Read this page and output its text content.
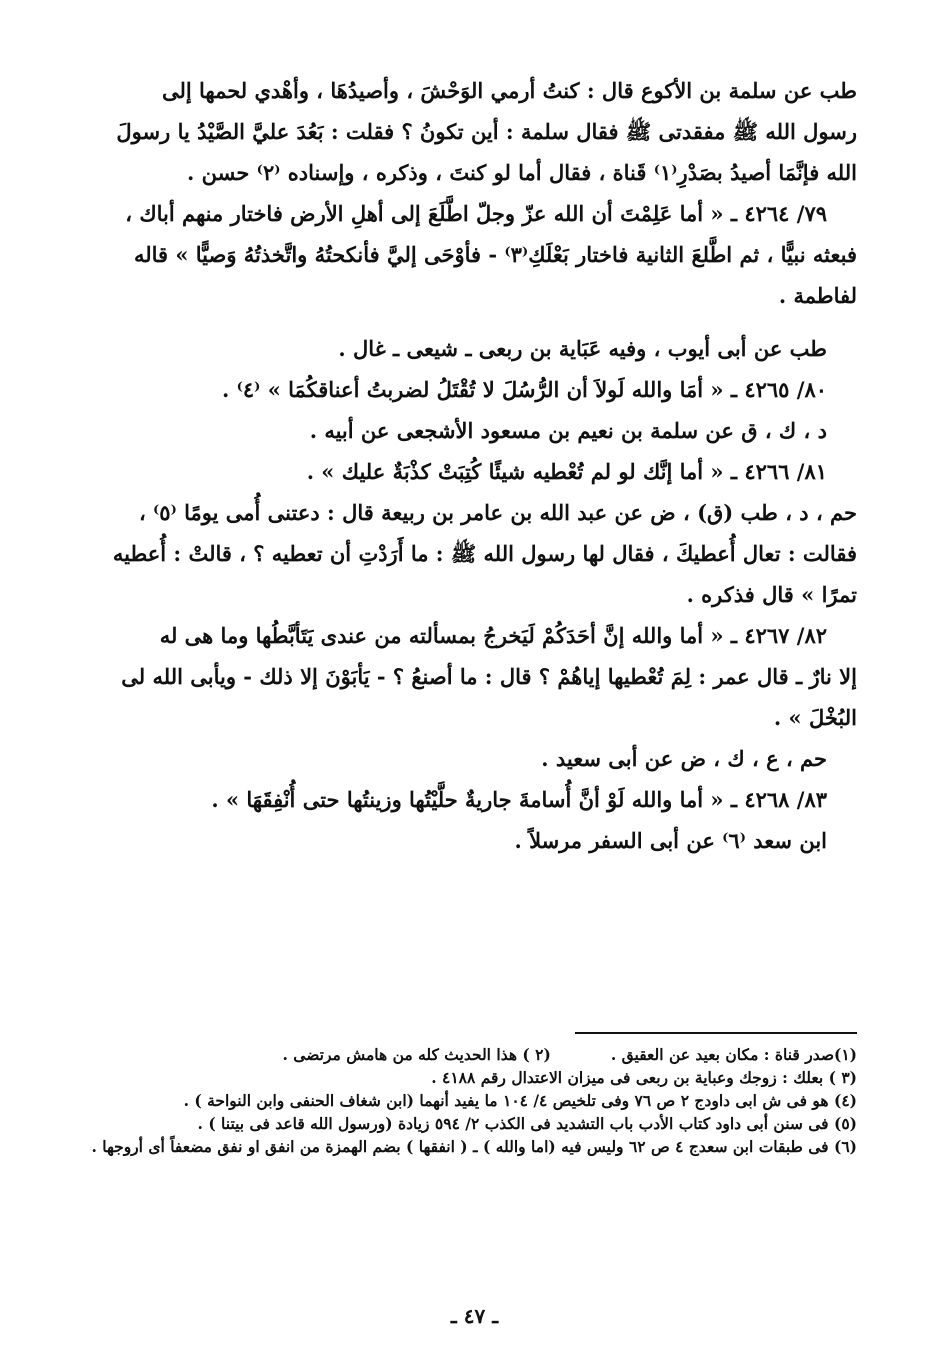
طب عن سلمة بن الأكوع قال : كنتُ أرمي الوَحْشَ ، وأصيدُهَا ، وأهْدي لحمها إلى

رسول الله ﷺ مفقدتى ﷺ فقال سلمة : أين تكونُ ؟ فقلت : بَعُدَ عليَّ الصَّيْدُ يا رسولَ

الله فإنَّمَا أصيدُ بصَدْرِ⁽١⁾ قَناة ، فقال أما لو كنتَ ، وذكره ، وإسناده ⁽٢⁾ حسن .

٧٩/ ٤٢٦٤ ـ « أما عَلِمْتَ أن الله عزّ وجلّ اطَّلَعَ إلى أهلِ الأرض فاختار منهم أباك ،

فبعثه نبيًّا ، ثم اطَّلعَ الثانية فاختار بَعْلَكِ⁽٣⁾ - فأوْحَى إليَّ فأنكحتُهُ واتَّخذتُهُ وَصيًّا » قاله

لفاطمة .

طب عن أبى أيوب ، وفيه عَبَاية بن ربعى ـ شيعى ـ غال .

٨٠/ ٤٢٦٥ ـ « أمَا والله لَولاَ أن الرُّسُلَ لا تُقْتَلُ لضربتُ أعناقكُمَا » ⁽٤⁾ .

د ، ك ، ق عن سلمة بن نعيم بن مسعود الأشجعى عن أبيه .

٨١/ ٤٢٦٦ ـ « أما إنَّك لو لم تُعْطيه شيئًا كُتِبَتْ كذْبَةٌ عليك » .

حم ، د ، طب (ق) ، ض عن عبد الله بن عامر بن ربيعة قال : دعتنى أُمى يومًا ⁽٥⁾ ،

فقالت : تعال أُعطيكَ ، فقال لها رسول الله ﷺ : ما أَرَدْتِ أن تعطيه ؟ ، قالتْ : أُعطيه

تمرًا » قال فذكره .

٨٢/ ٤٢٦٧ ـ « أما والله إنَّ أحَدَكُمْ لَيَخرجُ بمسألته من عندى يَتَأبَّطُها وما هى له

إلا نارٌ ـ قال عمر : لِمَ تُعْطيها إياهُمْ ؟ قال : ما أصنعُ ؟ - يَأبَوْنَ إلا ذلك - ويأبى الله لى

البُخْلَ » .

حم ، ع ، ك ، ض عن أبى سعيد .

٨٣/ ٤٢٦٨ ـ « أما والله لَوْ أنَّ أُسامةَ جاريةٌ حلَّيْتُها وزينتُها حتى أُنْفِقَهَا » .

ابن سعد ⁽٦⁾ عن أبى السفر مرسلاً .

(١)صدر قناة : مكان بعيد عن العقيق .
(٢ ) هذا الحديث كله من هامش مرتضى .

(٣ ) بعلك : زوجك وعباية بن ربعى فى ميزان الاعتدال رقم ٤١٨٨ .

(٤) هو فى ش ابى داودج ٢ ص ٧٦ وفى تلخيص ٤/ ١٠٤ ما يفيد أنهما (ابن شغاف الحنفى وابن النواحة ) .

(٥) فى سنن أبى داود كتاب الأدب باب التشديد فى الكذب ٢/ ٥٩٤ زيادة (ورسول الله قاعد فى بيتنا ) .

(٦) فى طبقات ابن سعدج ٤ ص ٦٢ وليس فيه (اما والله ) ـ ( انفقها ) بضم الهمزة من انفق او نفق مضعفاً أى أروجها .

ـ ٤٧ ـ
